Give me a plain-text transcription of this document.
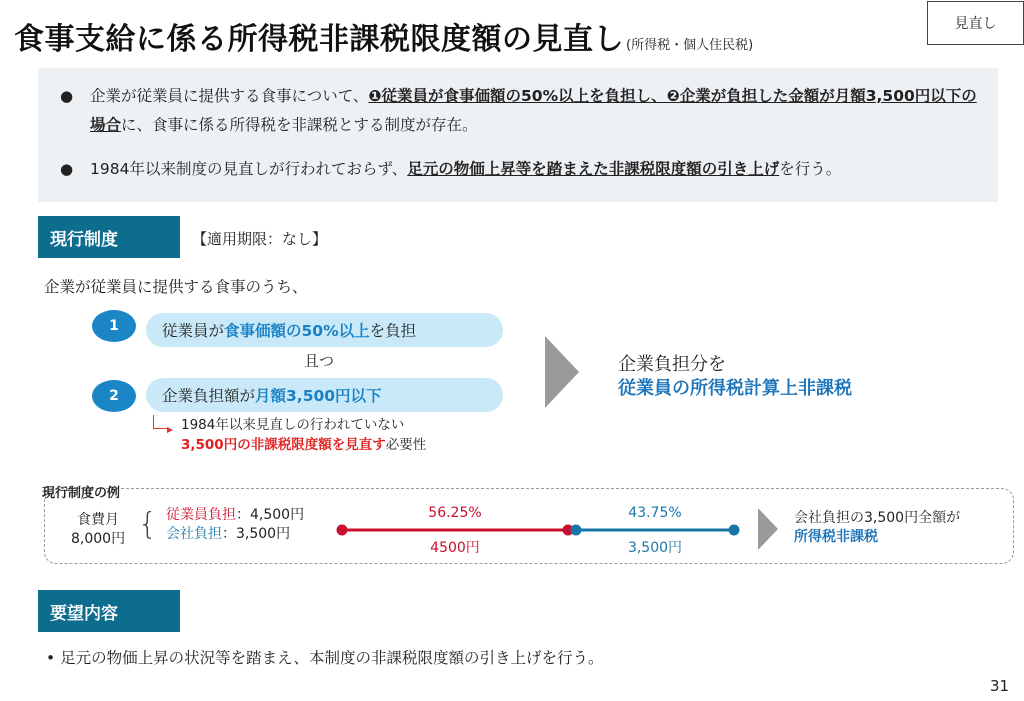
食事支給に係る所得税非課税限度額の見直し (所得税・個人住民税)
見直し
● 企業が従業員に提供する食事について、❶従業員が食事価額の50%以上を負担し、❷企業が負担した金額が月額3,500円以下の場合に、食事に係る所得税を非課税とする制度が存在。
● 1984年以来制度の見直しが行われておらず、足元の物価上昇等を踏まえた非課税限度額の引き上げを行う。
現行制度	【適用期限：なし】
企業が従業員に提供する食事のうち、
1	従業員が 食事価額の50%以上 を負担
且つ
2	企業負担額が 月額3,500円以下
1984年以来見直しの行われていない
3,500円の非課税限度額を見直す必要性
企業負担分を
従業員の所得税計算上非課税
現行制度の例
食費月
8,000円 { 従業員負担：4,500円
会社負担：3,500円
56.25%
4500円
43.75%
3,500円
会社負担の3,500円全額が
所得税非課税
要望内容
• 足元の物価上昇の状況等を踏まえ、本制度の非課税限度額の引き上げを行う。
31
